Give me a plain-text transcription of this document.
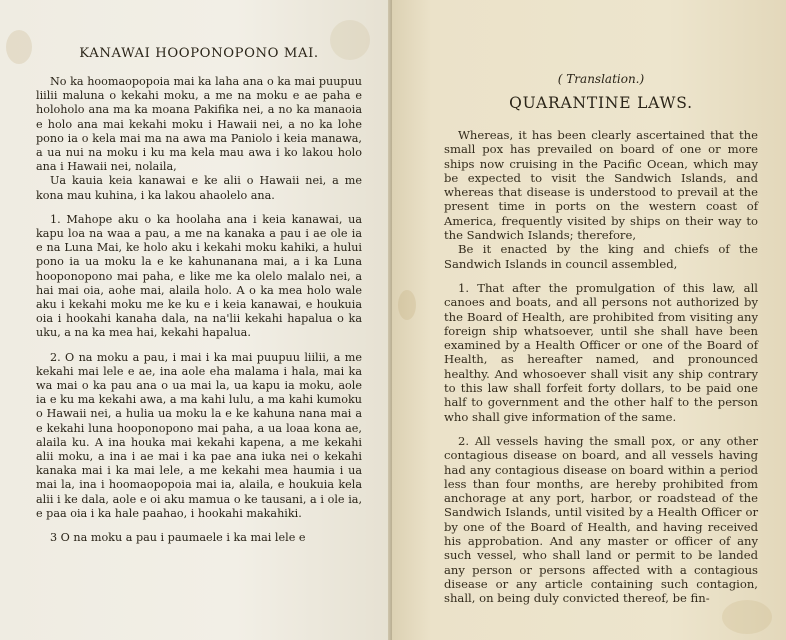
KANAWAI HOOPONOPONO MAI.

No ka hoomaopopoia mai ka laha ana o ka mai puupuu liilii maluna o kekahi moku, a me na moku e ae paha e holoholo ana ma ka moana Pakifika nei, a no ka manaoia e holo ana mai kekahi moku i Hawaii nei, a no ka lohe pono ia o kela mai ma na awa ma Paniolo i keia manawa, a ua nui na moku i ku ma kela mau awa i ko lakou holo ana i Hawaii nei, nolaila,

Ua kauia keia kanawai e ke alii o Hawaii nei, a me kona mau kuhina, i ka lakou ahaolelo ana.

1. Mahope aku o ka hoolaha ana i keia kanawai, ua kapu loa na waa a pau, a me na kanaka a pau i ae ole ia e na Luna Mai, ke holo aku i kekahi moku kahiki, a hului pono ia ua moku la e ke kahunanana mai, a i ka Luna hooponopono mai paha, e like me ka olelo malalo nei, a hai mai oia, aohe mai, alaila holo. A o ka mea holo wale aku i kekahi moku me ke ku e i keia kanawai, e houkuia oia i hookahi kanaha dala, na na'lii kekahi hapalua o ka uku, a na ka mea hai, kekahi hapalua.

2. O na moku a pau, i mai i ka mai puupuu liilii, a me kekahi mai lele e ae, ina aole eha malama i hala, mai ka wa mai o ka pau ana o ua mai la, ua kapu ia moku, aole ia e ku ma kekahi awa, a ma kahi lulu, a ma kahi kumoku o Hawaii nei, a hulia ua moku la e ke kahuna nana mai a e kekahi luna hooponopono mai paha, a ua loaa kona ae, alaila ku. A ina houka mai kekahi kapena, a me kekahi alii moku, a ina i ae mai i ka pae ana iuka nei o kekahi kanaka mai i ka mai lele, a me kekahi mea haumia i ua mai la, ina i hoomaopopoia mai ia, alaila, e houkuia kela alii i ke dala, aole e oi aku mamua o ke tausani, a i ole ia, e paa oia i ka hale paahao, i hookahi makahiki.

3 O na moku a pau i paumaele i ka mai lele e

( Translation.)
QUARANTINE LAWS.

Whereas, it has been clearly ascertained that the small pox has prevailed on board of one or more ships now cruising in the Pacific Ocean, which may be expected to visit the Sandwich Islands, and whereas that disease is understood to prevail at the present time in ports on the western coast of America, frequently visited by ships on their way to the Sandwich Islands; therefore,

Be it enacted by the king and chiefs of the Sandwich Islands in council assembled,

1. That after the promulgation of this law, all canoes and boats, and all persons not authorized by the Board of Health, are prohibited from visiting any foreign ship whatsoever, until she shall have been examined by a Health Officer or one of the Board of Health, as hereafter named, and pronounced healthy. And whosoever shall visit any ship contrary to this law shall forfeit forty dollars, to be paid one half to government and the other half to the person who shall give information of the same.

2. All vessels having the small pox, or any other contagious disease on board, and all vessels having had any contagious disease on board within a period less than four months, are hereby prohibited from anchorage at any port, harbor, or roadstead of the Sandwich Islands, until visited by a Health Officer or by one of the Board of Health, and having received his approbation. And any master or officer of any such vessel, who shall land or permit to be landed any person or persons affected with a contagious disease or any article containing such contagion, shall, on being duly convicted thereof, be fin-
